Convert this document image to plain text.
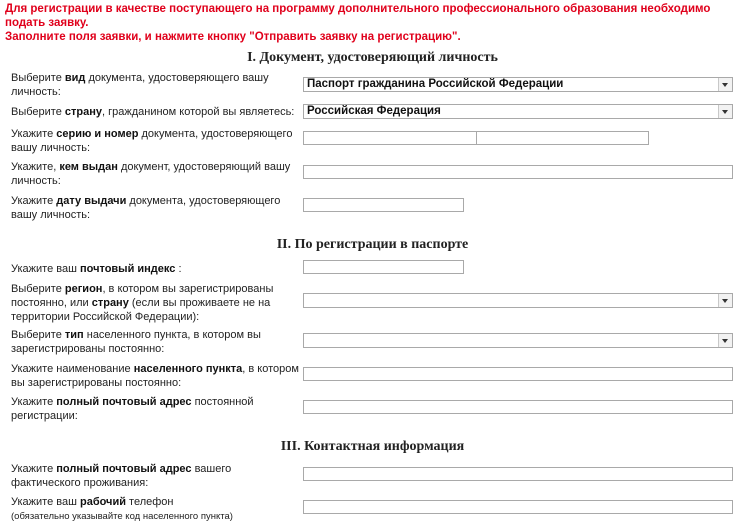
Для регистрации в качестве поступающего на программу дополнительного профессионального образования необходимо подать заявку.
Заполните поля заявки, и нажмите кнопку "Отправить заявку на регистрацию".
I. Документ, удостоверяющий личность
Выберите вид документа, удостоверяющего вашу личность:
Паспорт гражданина Российской Федерации
Выберите страну, гражданином которой вы являетесь:	Российская Федерация
Укажите серию и номер документа, удостоверяющего вашу личность:
Укажите, кем выдан документ, удостоверяющий вашу личность:
Укажите дату выдачи документа, удостоверяющего вашу личность:
II. По регистрации в паспорте
Укажите ваш почтовый индекс :
Выберите регион, в котором вы зарегистрированы постоянно, или страну (если вы проживаете не на территории Российской Федерации):
Выберите тип населенного пункта, в котором вы зарегистрированы постоянно:
Укажите наименование населенного пункта, в котором вы зарегистрированы постоянно:
Укажите полный почтовый адрес постоянной регистрации:
III. Контактная информация
Укажите полный почтовый адрес вашего фактического проживания:
Укажите ваш рабочий телефон
(обязательно указывайте код населенного пункта)
